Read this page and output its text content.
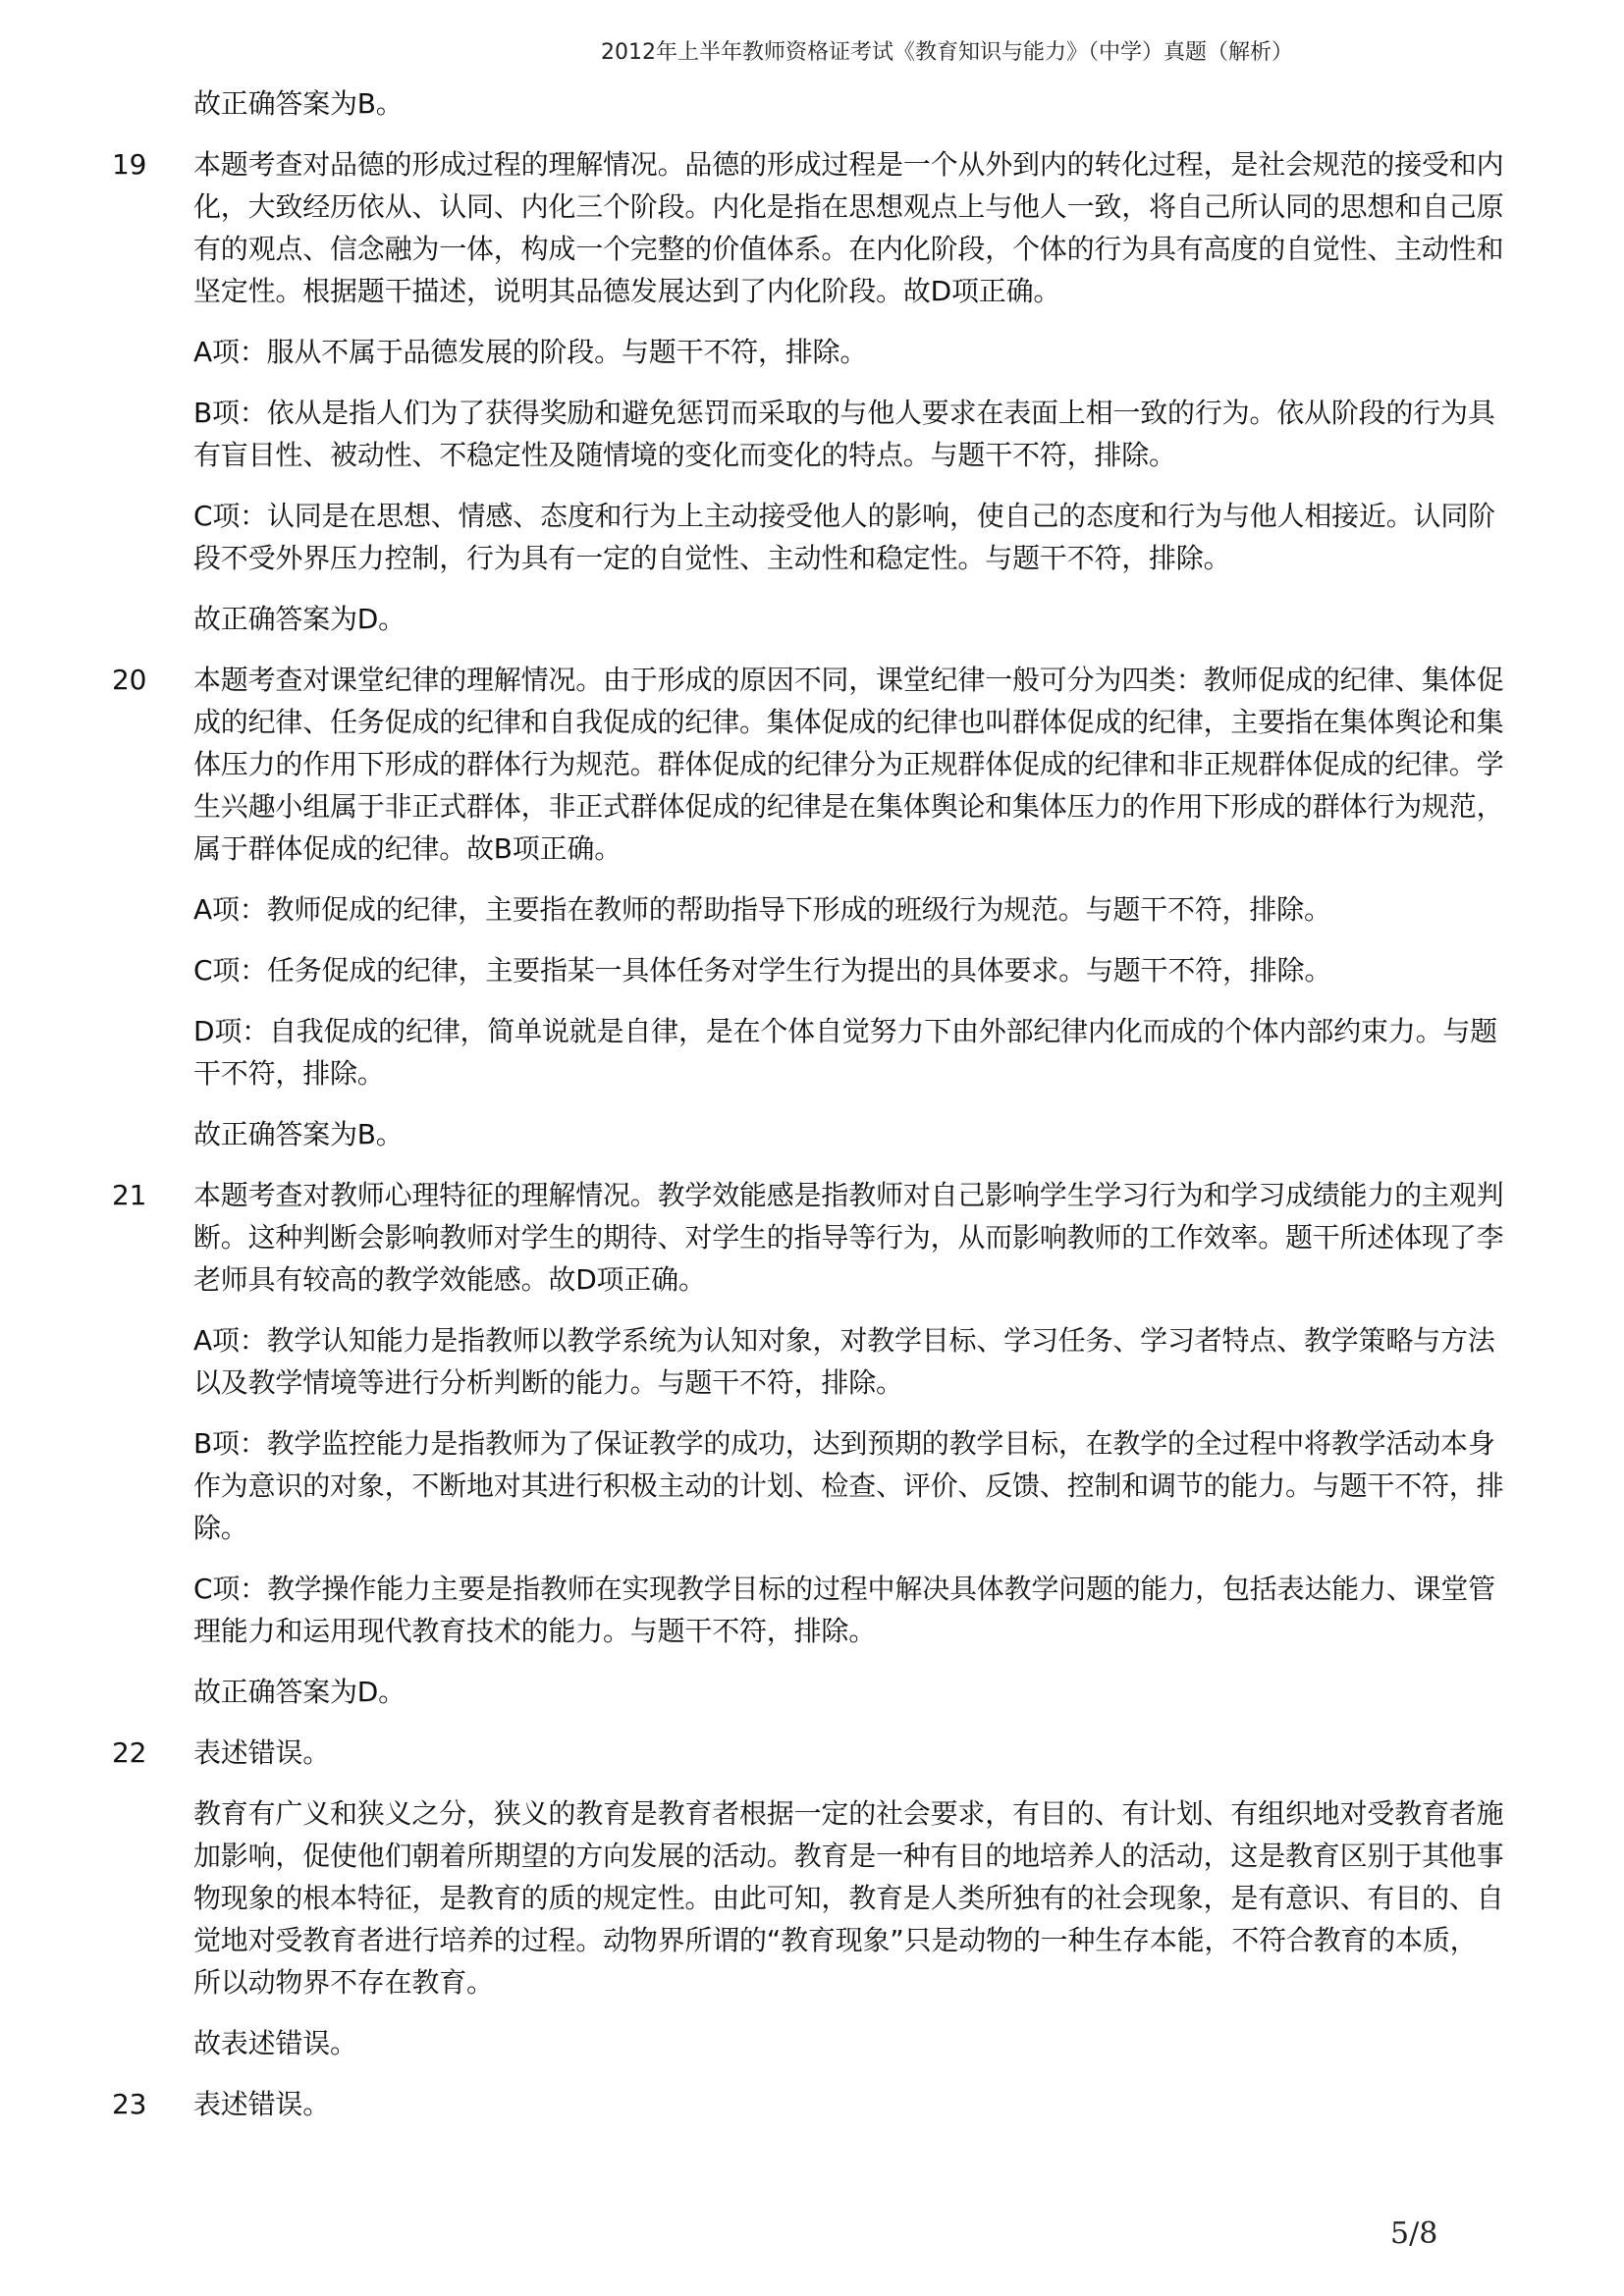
2012年上半年教师资格证考试《教育知识与能力》（中学）真题（解析）
故正确答案为B。
19	本题考查对品德的形成过程的理解情况。品德的形成过程是一个从外到内的转化过程，是社会规范的接受和内化，大致经历依从、认同、内化三个阶段。内化是指在思想观点上与他人一致，将自己所认同的思想和自己原有的观点、信念融为一体，构成一个完整的价值体系。在内化阶段，个体的行为具有高度的自觉性、主动性和坚定性。根据题干描述，说明其品德发展达到了内化阶段。故D项正确。
A项：服从不属于品德发展的阶段。与题干不符，排除。
B项：依从是指人们为了获得奖励和避免惩罚而采取的与他人要求在表面上相一致的行为。依从阶段的行为具有盲目性、被动性、不稳定性及随情境的变化而变化的特点。与题干不符，排除。
C项：认同是在思想、情感、态度和行为上主动接受他人的影响，使自己的态度和行为与他人相接近。认同阶段不受外界压力控制，行为具有一定的自觉性、主动性和稳定性。与题干不符，排除。
故正确答案为D。
20	本题考查对课堂纪律的理解情况。由于形成的原因不同，课堂纪律一般可分为四类：教师促成的纪律、集体促成的纪律、任务促成的纪律和自我促成的纪律。集体促成的纪律也叫群体促成的纪律，主要指在集体舆论和集体压力的作用下形成的群体行为规范。群体促成的纪律分为正规群体促成的纪律和非正规群体促成的纪律。学生兴趣小组属于非正式群体，非正式群体促成的纪律是在集体舆论和集体压力的作用下形成的群体行为规范，属于群体促成的纪律。故B项正确。
A项：教师促成的纪律，主要指在教师的帮助指导下形成的班级行为规范。与题干不符，排除。
C项：任务促成的纪律，主要指某一具体任务对学生行为提出的具体要求。与题干不符，排除。
D项：自我促成的纪律，简单说就是自律，是在个体自觉努力下由外部纪律内化而成的个体内部约束力。与题干不符，排除。
故正确答案为B。
21	本题考查对教师心理特征的理解情况。教学效能感是指教师对自己影响学生学习行为和学习成绩能力的主观判断。这种判断会影响教师对学生的期待、对学生的指导等行为，从而影响教师的工作效率。题干所述体现了李老师具有较高的教学效能感。故D项正确。
A项：教学认知能力是指教师以教学系统为认知对象，对教学目标、学习任务、学习者特点、教学策略与方法以及教学情境等进行分析判断的能力。与题干不符，排除。
B项：教学监控能力是指教师为了保证教学的成功，达到预期的教学目标，在教学的全过程中将教学活动本身作为意识的对象，不断地对其进行积极主动的计划、检查、评价、反馈、控制和调节的能力。与题干不符，排除。
C项：教学操作能力主要是指教师在实现教学目标的过程中解决具体教学问题的能力，包括表达能力、课堂管理能力和运用现代教育技术的能力。与题干不符，排除。
故正确答案为D。
22	表述错误。
教育有广义和狭义之分，狭义的教育是教育者根据一定的社会要求，有目的、有计划、有组织地对受教育者施加影响，促使他们朝着所期望的方向发展的活动。教育是一种有目的地培养人的活动，这是教育区别于其他事物现象的根本特征，是教育的质的规定性。由此可知，教育是人类所独有的社会现象，是有意识、有目的、自觉地对受教育者进行培养的过程。动物界所谓的“教育现象”只是动物的一种生存本能，不符合教育的本质，所以动物界不存在教育。
故表述错误。
23	表述错误。
5/8
